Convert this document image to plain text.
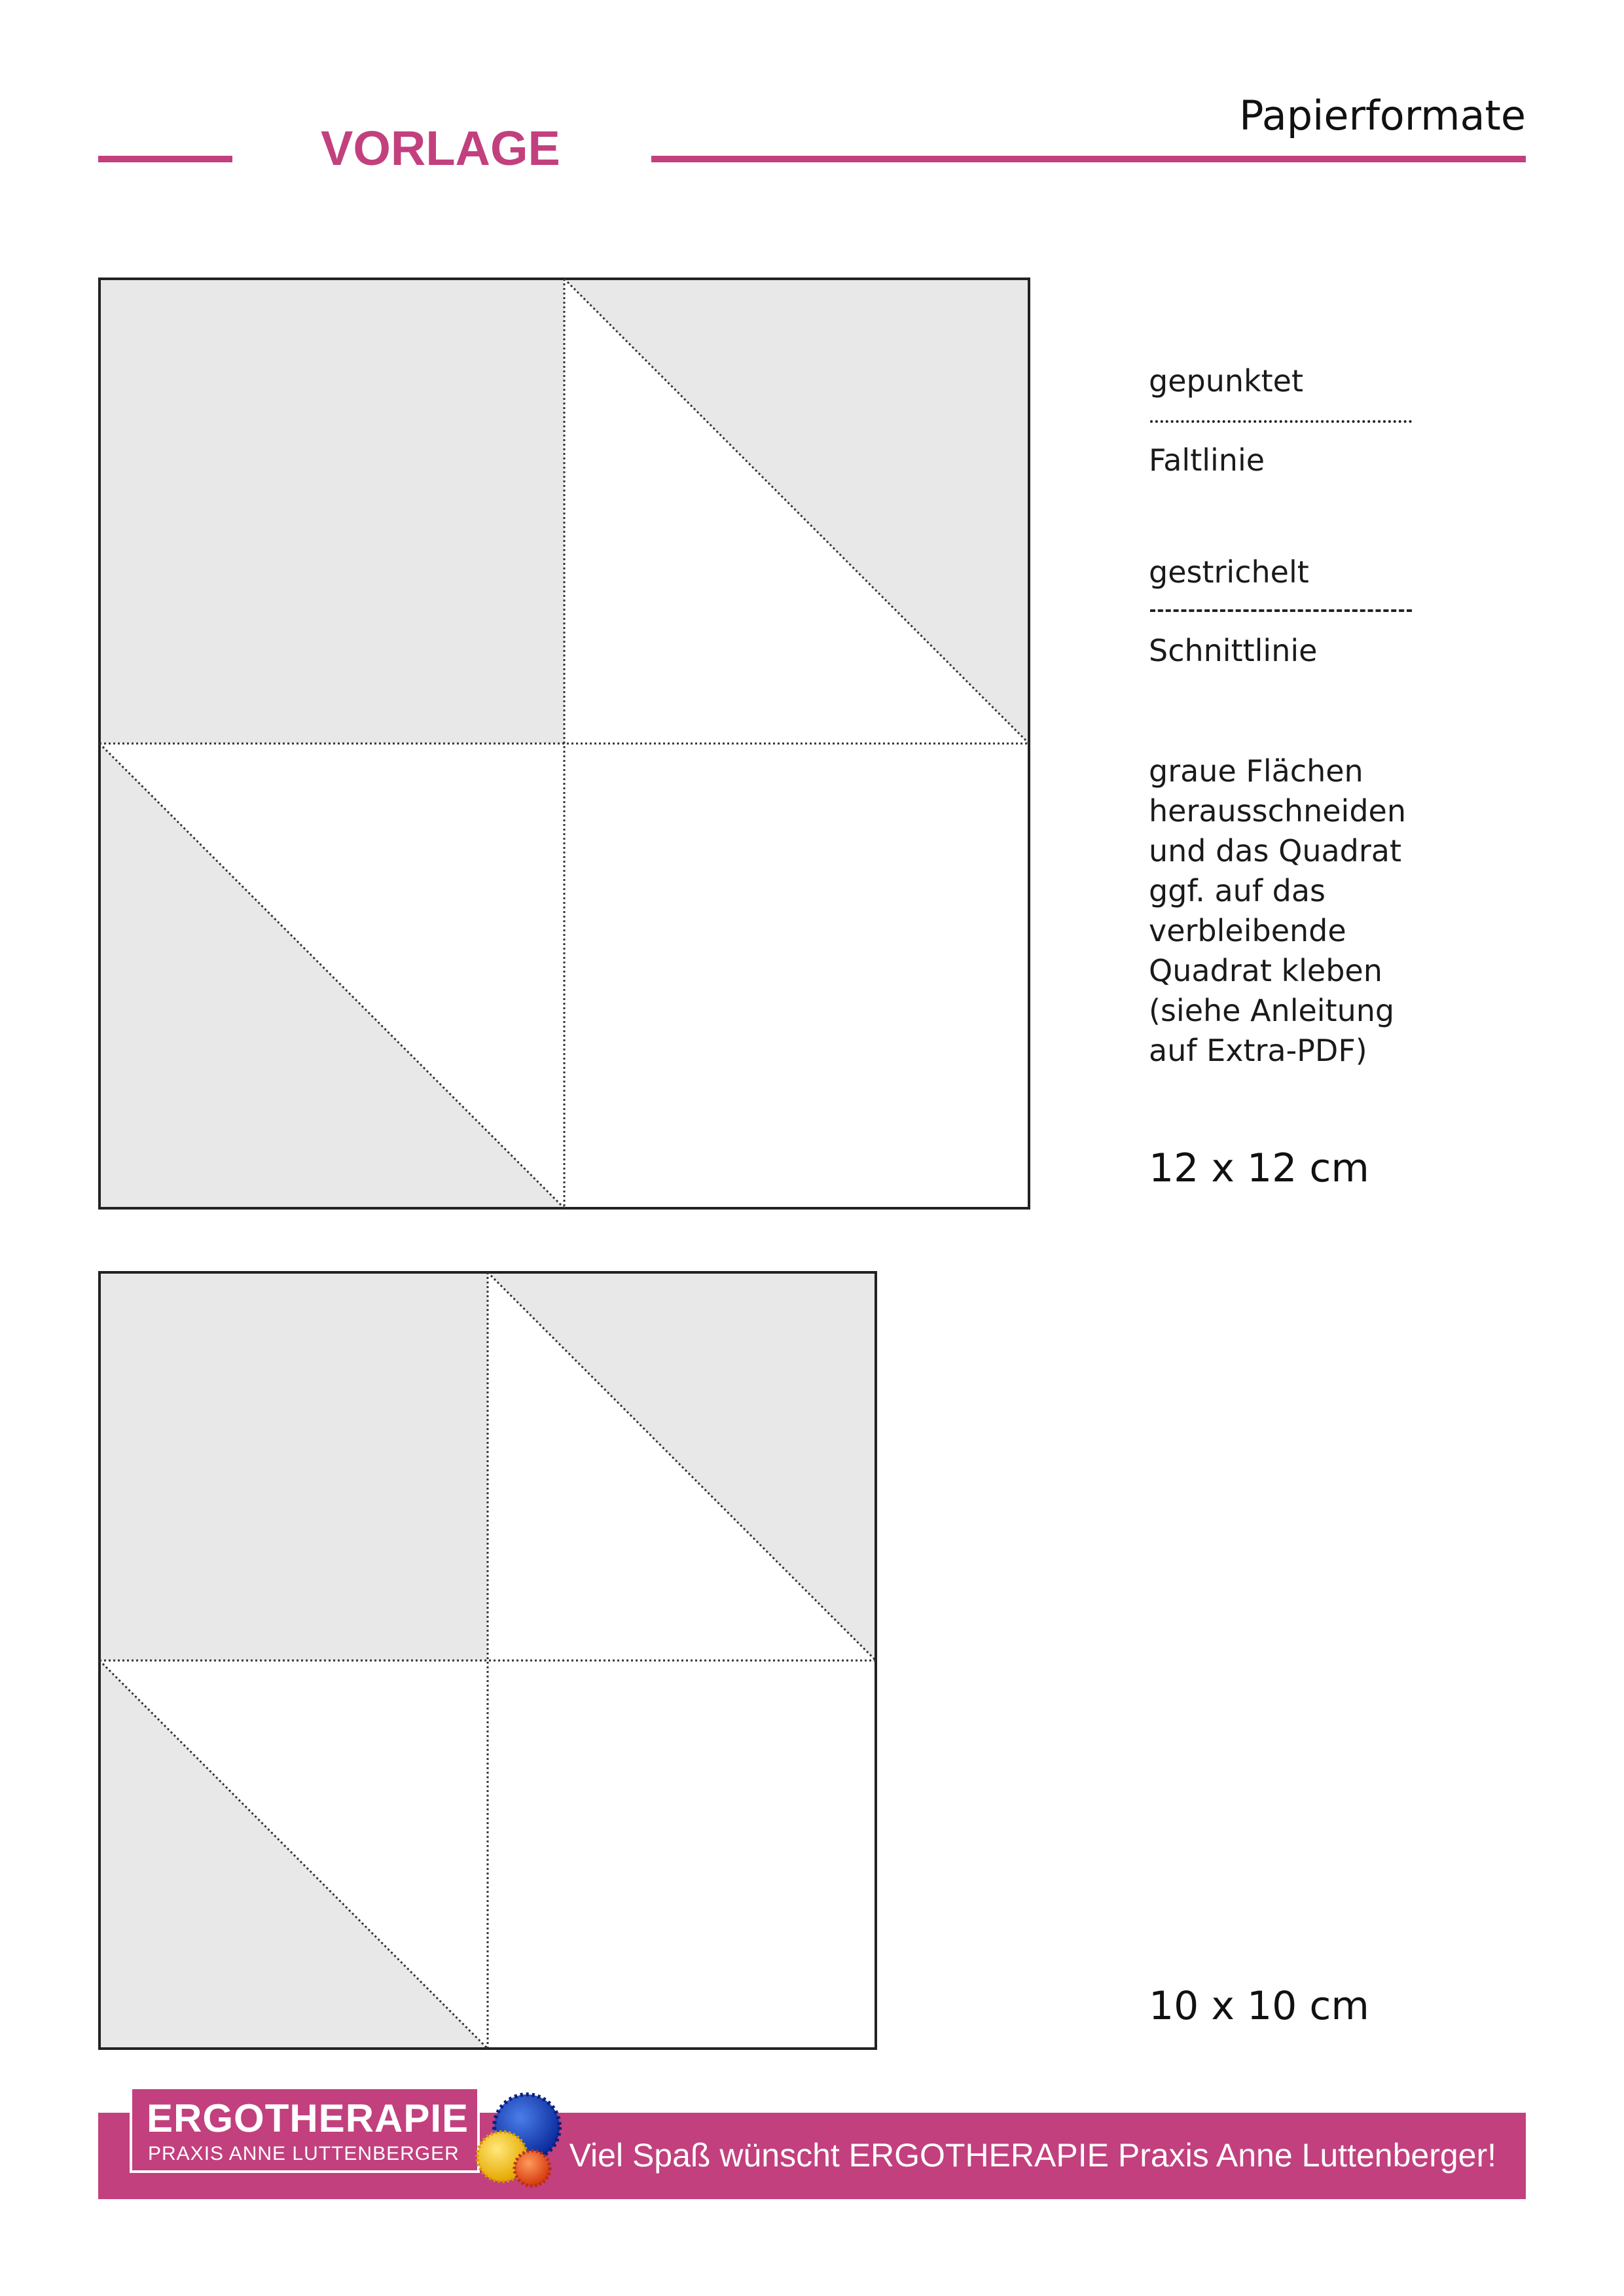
VORLAGE
Papierformate
gepunktet
Faltlinie
gestrichelt
Schnittlinie
graue Flächen
herausschneiden
und das Quadrat
ggf. auf das
verbleibende
Quadrat kleben
(siehe Anleitung
auf Extra-PDF)
12 x 12 cm
10 x 10 cm
Viel Spaß wünscht ERGOTHERAPIE Praxis Anne Luttenberger!
ERGOTHERAPIE
PRAXIS ANNE LUTTENBERGER
